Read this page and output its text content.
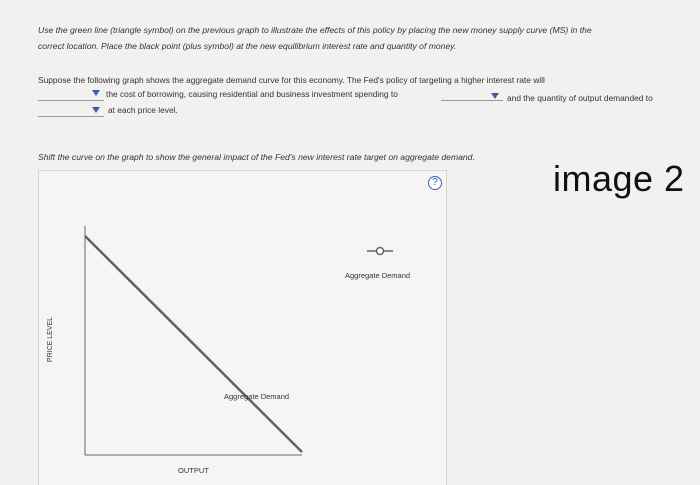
Use the green line (triangle symbol) on the previous graph to illustrate the effects of this policy by placing the new money supply curve (MS) in the
correct location. Place the black point (plus symbol) at the new equilibrium interest rate and quantity of money.
Suppose the following graph shows the aggregate demand curve for this economy. The Fed's policy of targeting a higher interest rate will
the cost of borrowing, causing residential and business investment spending to	and the quantity of output demanded to
at each price level.
Shift the curve on the graph to show the general impact of the Fed's new interest rate target on aggregate demand.
image 2
?
Aggregate Demand
Aggregate Demand
OUTPUT
PRICE LEVEL
